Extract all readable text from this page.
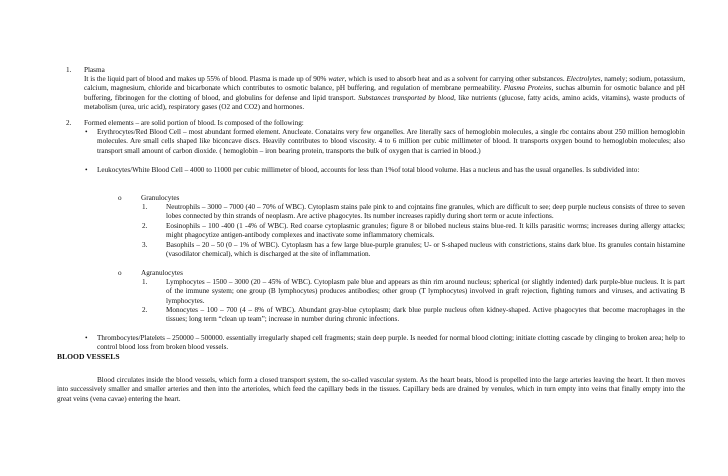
1. Plasma

It is the liquid part of blood and makes up 55% of blood. Plasma is made up of 90% water, which is used to absorb heat and as a solvent for carrying other substances. Electrolytes, namely; sodium, potassium, calcium, magnesium, chloride and bicarbonate which contributes to osmotic balance, pH buffering, and regulation of membrane permeability. Plasma Proteins, suchas albumin for osmotic balance and pH buffering, fibrinogen for the clotting of blood, and globulins for defense and lipid transport. Substances transported by blood, like nutrients (glucose, fatty acids, amino acids, vitamins), waste products of metabolism (urea, uric acid), respiratory gases (O2 and CO2) and hormones.

2. Formed elements – are solid portion of blood. Is composed of the following:

• Erythrocytes/Red Blood Cell – most abundant formed element. Anucleate. Conatains very few organelles. Are literally sacs of hemoglobin molecules, a single rbc contains about 250 million hemoglobin molecules. Are small cells shaped like biconcave discs. Heavily contributes to blood viscosity. 4 to 6 million per cubic millimeter of blood. It transports oxygen bound to hemoglobin molecules; also transport small amount of carbon dioxide. ( hemoglobin – iron bearing protein, transports the bulk of oxygen that is carried in blood.)

• Leukocytes/White Blood Cell – 4000 to 11000 per cubic millimeter of blood, accounts for less than 1%of total blood volume. Has a nucleus and has the usual organelles. Is subdivided into:

o	Granulocytes
1.	Neutrophils – 3000 – 7000 (40 – 70% of WBC). Cytoplasm stains pale pink to and cojntains fine granules, which are difficult to see; deep purple nucleus consists of three to seven lobes connected by thin strands of neoplasm. Are active phagocytes. Its number increases rapidly during short term or acute infections.

2.	Eosinophils – 100 -400 (1 -4% of WBC). Red coarse cytoplasmic granules; figure 8 or bilobed nucleus stains blue-red. It kills parasitic worms; increases during allergy attacks; might phagocytize antigen-antibody complexes and inactivate some inflammatory chemicals.

3.	Basophils – 20 – 50 (0 – 1% of WBC). Cytoplasm has a few large blue-purple granules; U- or S-shaped nucleus with constrictions, stains dark blue. Its granules contain histamine (vasodilator chemical), which is discharged at the site of inflammation.

o	Agranulocytes
1.	Lymphocytes – 1500 – 3000 (20 – 45% of WBC). Cytoplasm pale blue and appears as thin rim around nucleus; spherical (or slightly indented) dark purple-blue nucleus. It is part of the immune system; one group (B lymphocytes) produces antibodies; other group (T lymphocytes) involved in graft rejection, fighting tumors and viruses, and activating B lymphocytes.

2.	Monocytes – 100 – 700 (4 – 8% of WBC). Abundant gray-blue cytoplasm; dark blue purple nucleus often kidney-shaped. Active phagocytes that become macrophages in the tissues; long term “clean up team”; increase in number during chronic infections.

• Thrombocytes/Platelets – 250000 – 500000. essentially irregularly shaped cell fragments; stain deep purple. Is needed for normal blood clotting; initiate clotting cascade by clinging to broken area; help to control blood loss from broken blood vessels.

BLOOD VESSELS

Blood circulates inside the blood vessels, which form a closed transport system, the so-called vascular system. As the heart beats, blood is propelled into the large arteries leaving the heart. It then moves into successively smaller and smaller arteries and then into the arterioles, which feed the capillary beds in the tissues. Capillary beds are drained by venules, which in turn empty into veins that finally empty into the great veins (vena cavae) entering the heart.
